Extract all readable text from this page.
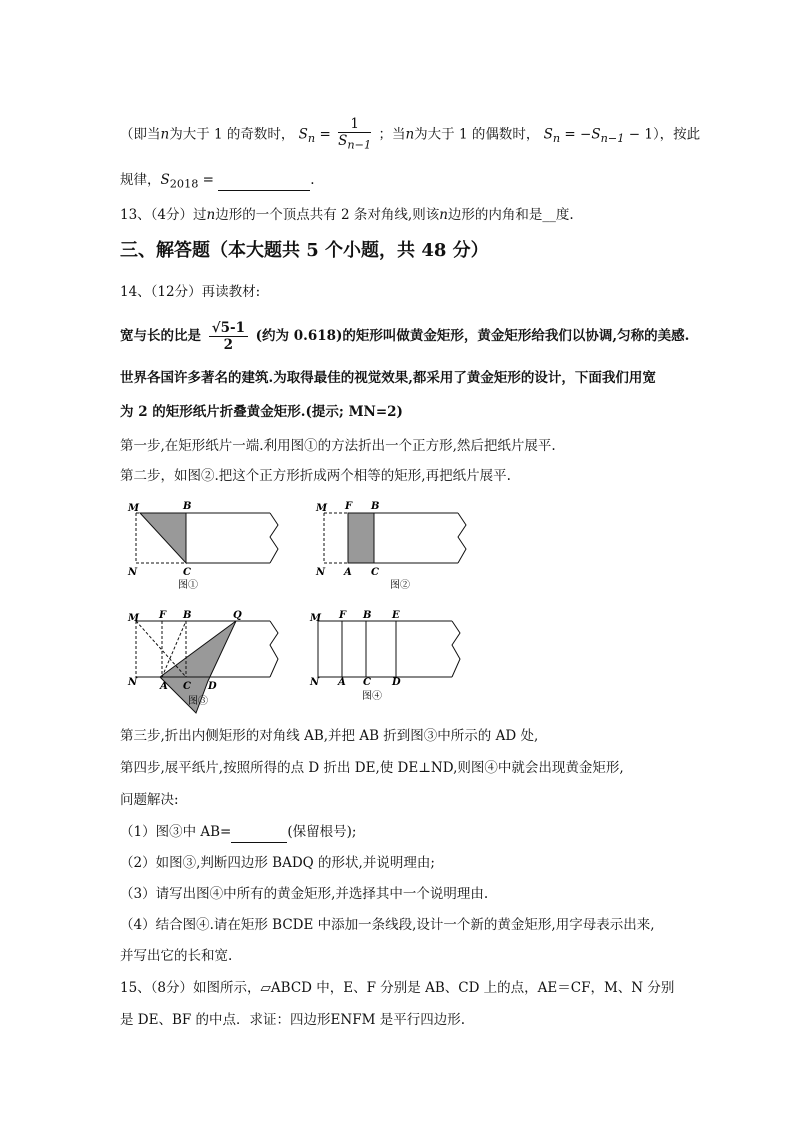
（即当n为大于 1 的奇数时， $S_n = \frac{1}{S_{n-1}}$ ；当n为大于 1 的偶数时， $S_n = -S_{n-1} - 1$），按此
规律，$S_{2018}$ =	.
13、（4分）过n边形的一个顶点共有 2 条对角线,则该n边形的内角和是__度.
三、解答题（本大题共 5 个小题，共 48 分）
14、（12分）再读教材:
宽与长的比是 $\frac{√5-1}{2}$ (约为 0.618)的矩形叫做黄金矩形，黄金矩形给我们以协调,匀称的美感.
世界各国许多著名的建筑.为取得最佳的视觉效果,都采用了黄金矩形的设计，下面我们用宽
为 2 的矩形纸片折叠黄金矩形.(提示; MN=2)
第一步,在矩形纸片一端.利用图①的方法折出一个正方形,然后把纸片展平.
第二步，如图②.把这个正方形折成两个相等的矩形,再把纸片展平.
M	B
N	C
图①
M F B
N A C
图②
M F B	Q
N A C D
图③
M F B E
N A C D
图④
第三步,折出内侧矩形的对角线 AB,并把 AB 折到图③中所示的 AD 处,
第四步,展平纸片,按照所得的点 D 折出 DE,使 DE⊥ND,则图④中就会出现黄金矩形,
问题解决:
（1）图③中 AB=	(保留根号);
（2）如图③,判断四边形 BADQ 的形状,并说明理由;
（3）请写出图④中所有的黄金矩形,并选择其中一个说明理由.
（4）结合图④.请在矩形 BCDE 中添加一条线段,设计一个新的黄金矩形,用字母表示出来,
并写出它的长和宽.
15、（8分）如图所示，▱ABCD 中，E、F 分别是 AB、CD 上的点，AE＝CF，M、N 分别
是 DE、BF 的中点．求证：四边形ENFM 是平行四边形.
